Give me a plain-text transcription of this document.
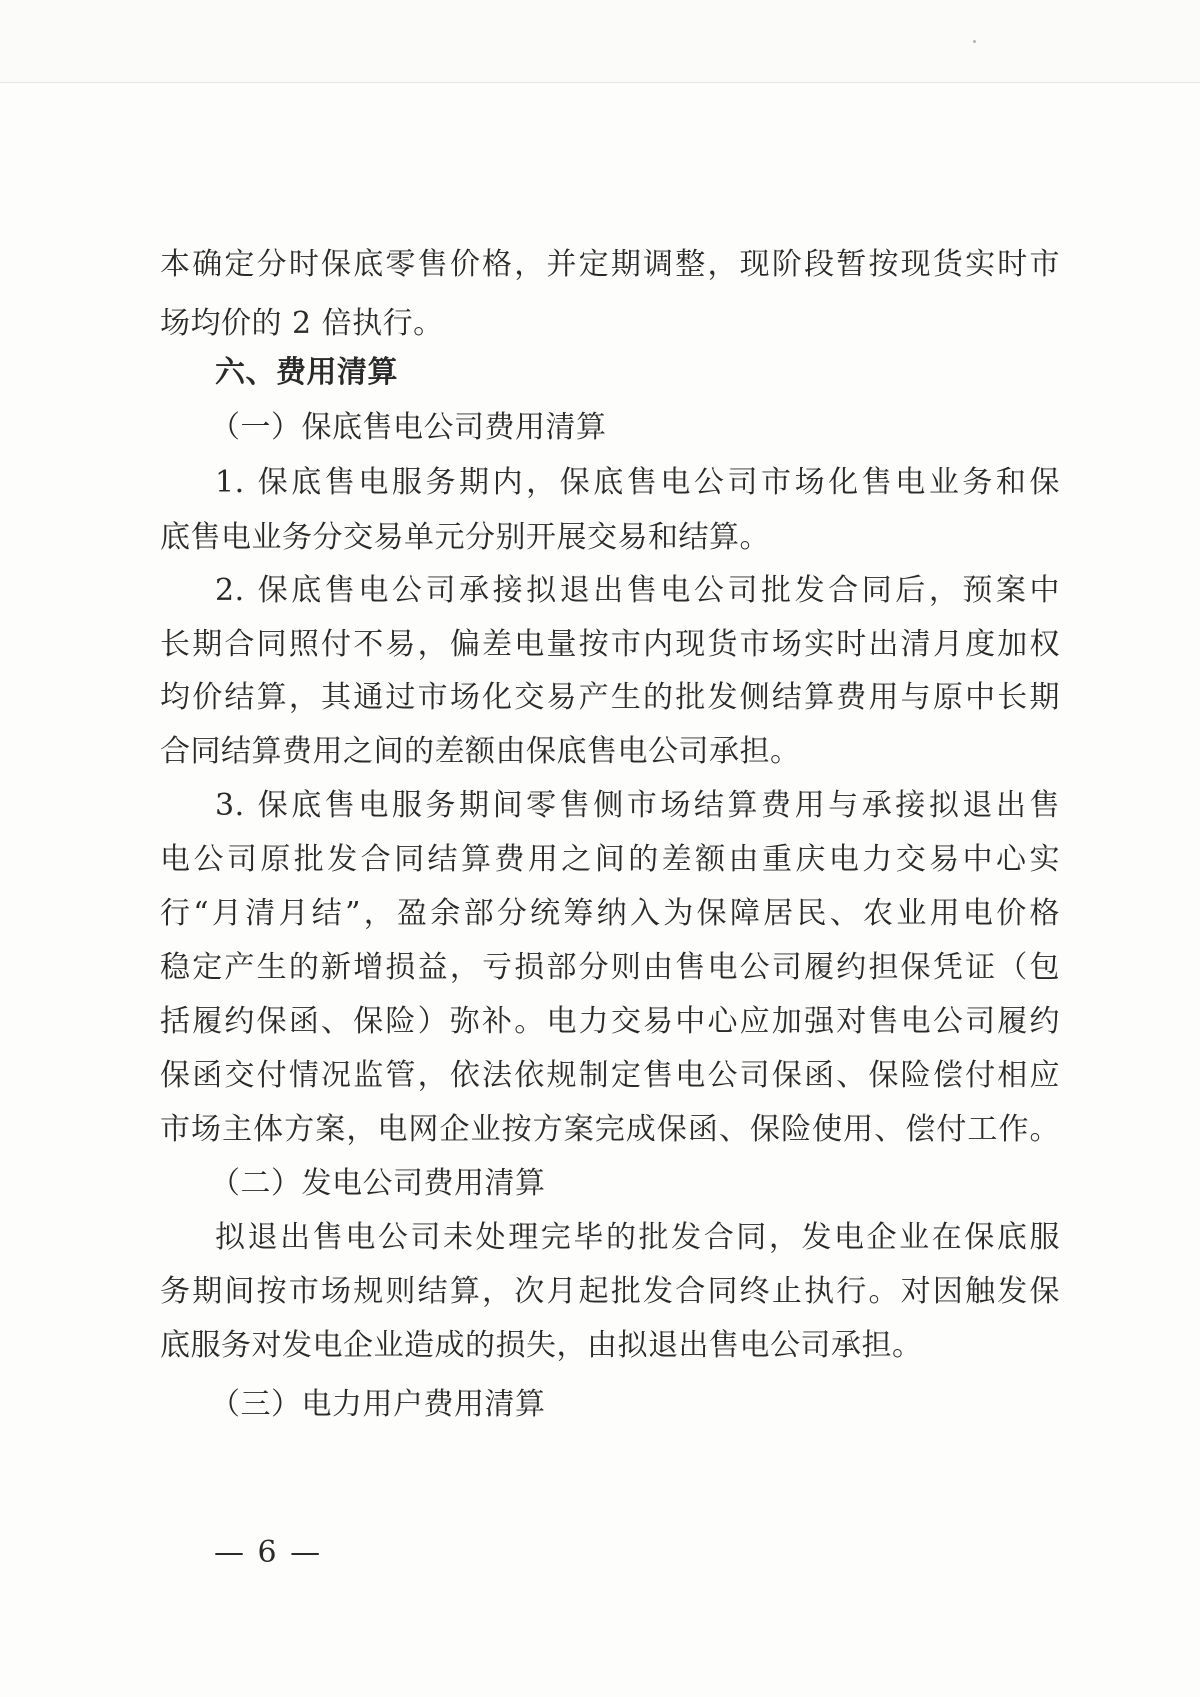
本确定分时保底零售价格，并定期调整，现阶段暂按现货实时市
场均价的 2 倍执行。
六、费用清算
（一）保底售电公司费用清算
1. 保底售电服务期内，保底售电公司市场化售电业务和保
底售电业务分交易单元分别开展交易和结算。
2. 保底售电公司承接拟退出售电公司批发合同后，预案中
长期合同照付不易，偏差电量按市内现货市场实时出清月度加权
均价结算，其通过市场化交易产生的批发侧结算费用与原中长期
合同结算费用之间的差额由保底售电公司承担。
3. 保底售电服务期间零售侧市场结算费用与承接拟退出售
电公司原批发合同结算费用之间的差额由重庆电力交易中心实
行“月清月结”，盈余部分统筹纳入为保障居民、农业用电价格
稳定产生的新增损益，亏损部分则由售电公司履约担保凭证（包
括履约保函、保险）弥补。电力交易中心应加强对售电公司履约
保函交付情况监管，依法依规制定售电公司保函、保险偿付相应
市场主体方案，电网企业按方案完成保函、保险使用、偿付工作。
（二）发电公司费用清算
拟退出售电公司未处理完毕的批发合同，发电企业在保底服
务期间按市场规则结算，次月起批发合同终止执行。对因触发保
底服务对发电企业造成的损失，由拟退出售电公司承担。
（三）电力用户费用清算
— 6 —
